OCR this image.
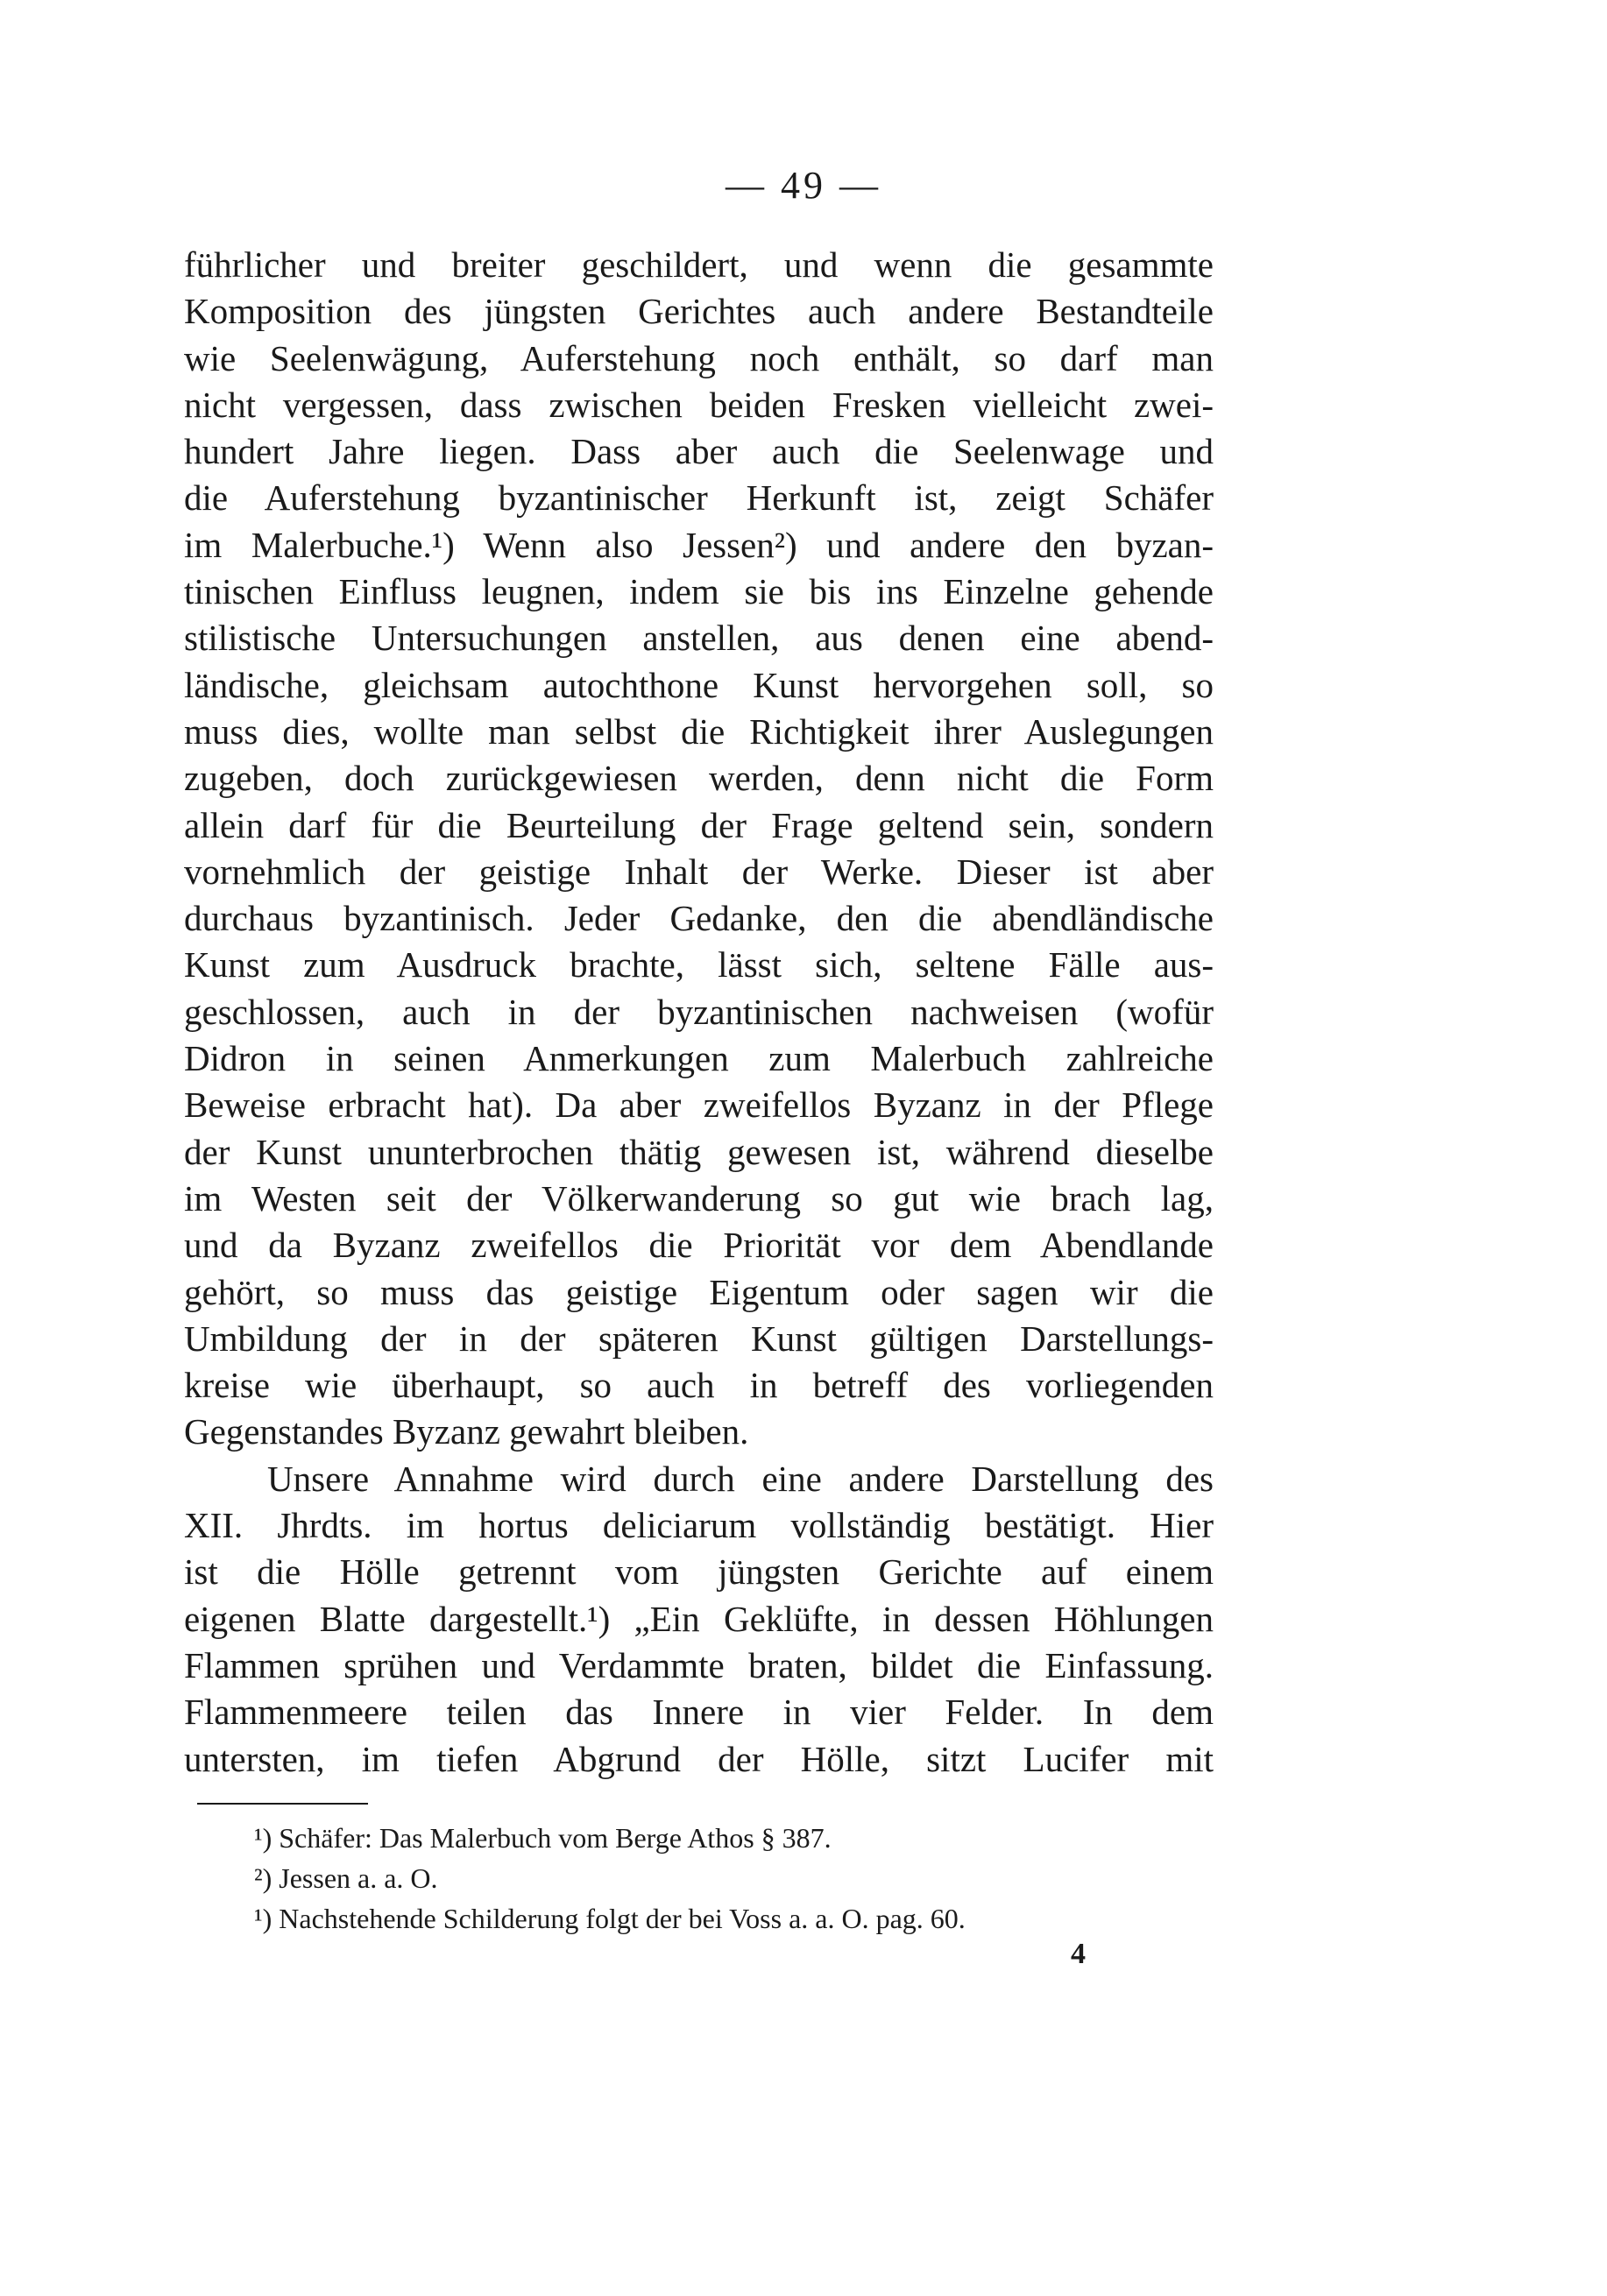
— 49 —
führlicher und breiter geschildert, und wenn die gesammte
Komposition des jüngsten Gerichtes auch andere Bestandteile
wie Seelenwägung, Auferstehung noch enthält, so darf man
nicht vergessen, dass zwischen beiden Fresken vielleicht zwei-
hundert Jahre liegen. Dass aber auch die Seelenwage und
die Auferstehung byzantinischer Herkunft ist, zeigt Schäfer
im Malerbuche.¹) Wenn also Jessen²) und andere den byzan-
tinischen Einfluss leugnen, indem sie bis ins Einzelne gehende
stilistische Untersuchungen anstellen, aus denen eine abend-
ländische, gleichsam autochthone Kunst hervorgehen soll, so
muss dies, wollte man selbst die Richtigkeit ihrer Auslegungen
zugeben, doch zurückgewiesen werden, denn nicht die Form
allein darf für die Beurteilung der Frage geltend sein, sondern
vornehmlich der geistige Inhalt der Werke. Dieser ist aber
durchaus byzantinisch. Jeder Gedanke, den die abendländische
Kunst zum Ausdruck brachte, lässt sich, seltene Fälle aus-
geschlossen, auch in der byzantinischen nachweisen (wofür
Didron in seinen Anmerkungen zum Malerbuch zahlreiche
Beweise erbracht hat). Da aber zweifellos Byzanz in der Pflege
der Kunst ununterbrochen thätig gewesen ist, während dieselbe
im Westen seit der Völkerwanderung so gut wie brach lag,
und da Byzanz zweifellos die Priorität vor dem Abendlande
gehört, so muss das geistige Eigentum oder sagen wir die
Umbildung der in der späteren Kunst gültigen Darstellungs-
kreise wie überhaupt, so auch in betreff des vorliegenden
Gegenstandes Byzanz gewahrt bleiben.
Unsere Annahme wird durch eine andere Darstellung des
XII. Jhrdts. im hortus deliciarum vollständig bestätigt. Hier
ist die Hölle getrennt vom jüngsten Gerichte auf einem
eigenen Blatte dargestellt.¹) „Ein Geklüfte, in dessen Höhlungen
Flammen sprühen und Verdammte braten, bildet die Einfassung.
Flammenmeere teilen das Innere in vier Felder. In dem
untersten, im tiefen Abgrund der Hölle, sitzt Lucifer mit
¹) Schäfer: Das Malerbuch vom Berge Athos § 387.
²) Jessen a. a. O.
¹) Nachstehende Schilderung folgt der bei Voss a. a. O. pag. 60.
4
